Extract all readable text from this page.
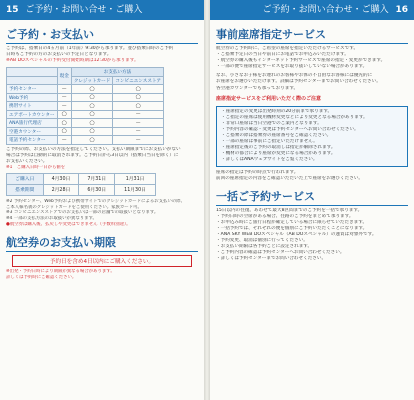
15 ご予約・お問い合せ・ご購入
ご予約・お支払い
ご予約は、搭乗日の4ヵ月前（1年前）9:30から承ります。並び搭乗日時のご予約
日時もご予約の方のお支払いの予定日となります。
※AB DOスペシャルの予約受付開始時期は12:30から承ります。
	現金	お支払い方法	
		クレジットカード	コンビニエンスストア
予約センター	—	◯	◯
Web予約	—	◯	◯
携帯サイト	—	◯	◯
エアポートカウンター	◯	◯	—
ANA旅行代理店	◯	◯	—
空港カウンター	◯	◯	—
電話予約センター	—	◯	—
ご予約の際、お支払いの方法を指定してください。支払い期限までにお支払いがない
場合は予約は自動的に取消されます。ご予約日から3日以内（搭乗日当日を除く）に
お支払いください。
※1　ご購入日時一日から値を
ご購入日	4月30日	7月31日	1月31日
搭乗期間	2月28日	6月30日	11月30日
※2 予約センター、Web予約および携帯サイトでのクレジットカードによるお支払いの際、
ご本人様名義のクレジットカードをご使用ください。家族カード可。
※3 コンビニエンスストアでのお支払いは一部の店舗での取扱いとなります。
※4 一部の支払方法のお取扱いが異なります。
●航空券は購入後、払戻しや変更はできません（手数料別途）。
航空券のお支払い期限
予約日を含め4日以内にご購入ください。
※出発・予約日時により期限が異なる場合があります。
詳しくは予約時にご確認ください。
ご予約・お問い合わせ・ご購入 16
事前座席指定サービス
航空券のご予約時に、ご希望の座席を指定いただけるサービスです。
・ご搭乗予定日の当日や前日にお電話でお申込みいただけます。
・航空券の購入後もインターネット予約サービスで座席の指定・変更ができます。
・一部の便で座席指定サービスをお取り扱いしていない場合があります。
なお、小さなお子様をお連れのお客様やお体の不自由なお客様には優先的に
お座席をお選びいただけます。詳細は予約センターまでお問い合わせください。
各空港カウンターでも承っております。
座席指定サービスをご利用いただく際のご注意
・座席指定の変更は出発時刻の20分前まで承ります。
・ご指定の座席は使用機材変更などにより変更となる場合があります。
・非常口座席は当日空港でのご案内となります。
・予約内容の確認・変更は予約センターへお問い合わせください。
・ご搭乗の際は搭乗券の座席番号をご確認ください。
・一部の座席は事前にご指定いただけません。
・座席指定後のご予約の取消しは指定が解除されます。
・機材の都合により座席が変更になる場合があります。
・詳しくはANAウェブサイトをご覧ください。
座席の指定は予約の時点で行われます。
前回の座席指定の内容をご確認いただいた上で座席をお選びください。
一括ご予約サービス
15日以内の往復、あわせて最大8区間までのご予約を一括で承ります。
・予約日時の空席がある場合、往路のご予約をまとめて承ります。
・お申込み時にご旅行日程が確定している場合に限らせていただきます。
・一括予約では、それぞれの便を個別にご予約いただくことになります。
・ANA SKY WEB DOスペシャル（AB DOスペシャル）の運賃は対象外です。
・予約変更、取消は個別に行ってください。
・お支払い期限は各予約ごとに設定されます。
・ご予約内容の確認は予約センターへお問い合わせください。
・詳しくは予約センターまでお問い合わせください。
